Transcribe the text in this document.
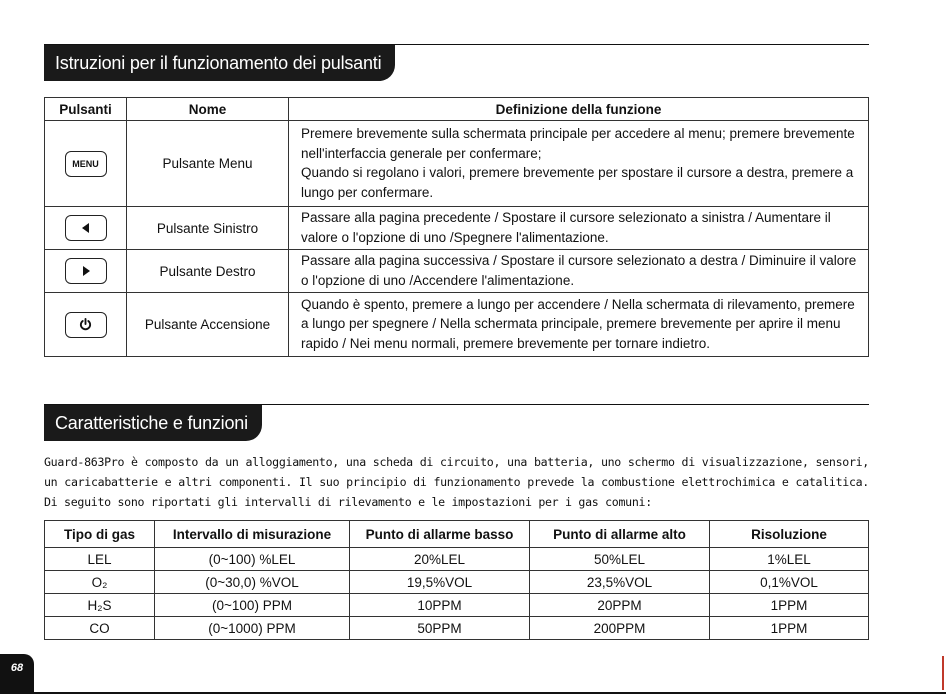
Istruzioni per il funzionamento dei pulsanti
Pulsanti	Nome	Definizione della funzione
MENU	Pulsante Menu	Premere brevemente sulla schermata principale per accedere al menu; premere brevemente nell'interfaccia generale per confermare;
Quando si regolano i valori, premere brevemente per spostare il cursore a destra, premere a lungo per confermare.

	Pulsante Sinistro	Passare alla pagina precedente / Spostare il cursore selezionato a sinistra / Aumentare il valore o l'opzione di uno /Spegnere l'alimentazione.

	Pulsante Destro	Passare alla pagina successiva / Spostare il cursore selezionato a destra / Diminuire il valore o l'opzione di uno /Accendere l'alimentazione.

	Pulsante Accensione	Quando è spento, premere a lungo per accendere / Nella schermata di rilevamento, premere a lungo per spegnere / Nella schermata principale, premere brevemente per aprire il menu rapido / Nei menu normali, premere brevemente per tornare indietro.
Caratteristiche e funzioni
Guard-863Pro è composto da un alloggiamento, una scheda di circuito, una batteria, uno schermo di visualizzazione, sensori, un caricabatterie e altri componenti. Il suo principio di funzionamento prevede la combustione elettrochimica e catalitica. Di seguito sono riportati gli intervalli di rilevamento e le impostazioni per i gas comuni:
Tipo di gas	Intervallo di misurazione	Punto di allarme basso	Punto di allarme alto	Risoluzione
LEL	(0~100) %LEL	20%LEL	50%LEL	1%LEL
O₂	(0~30,0) %VOL	19,5%VOL	23,5%VOL	0,1%VOL
H₂S	(0~100) PPM	10PPM	20PPM	1PPM
CO	(0~1000) PPM	50PPM	200PPM	1PPM
68
